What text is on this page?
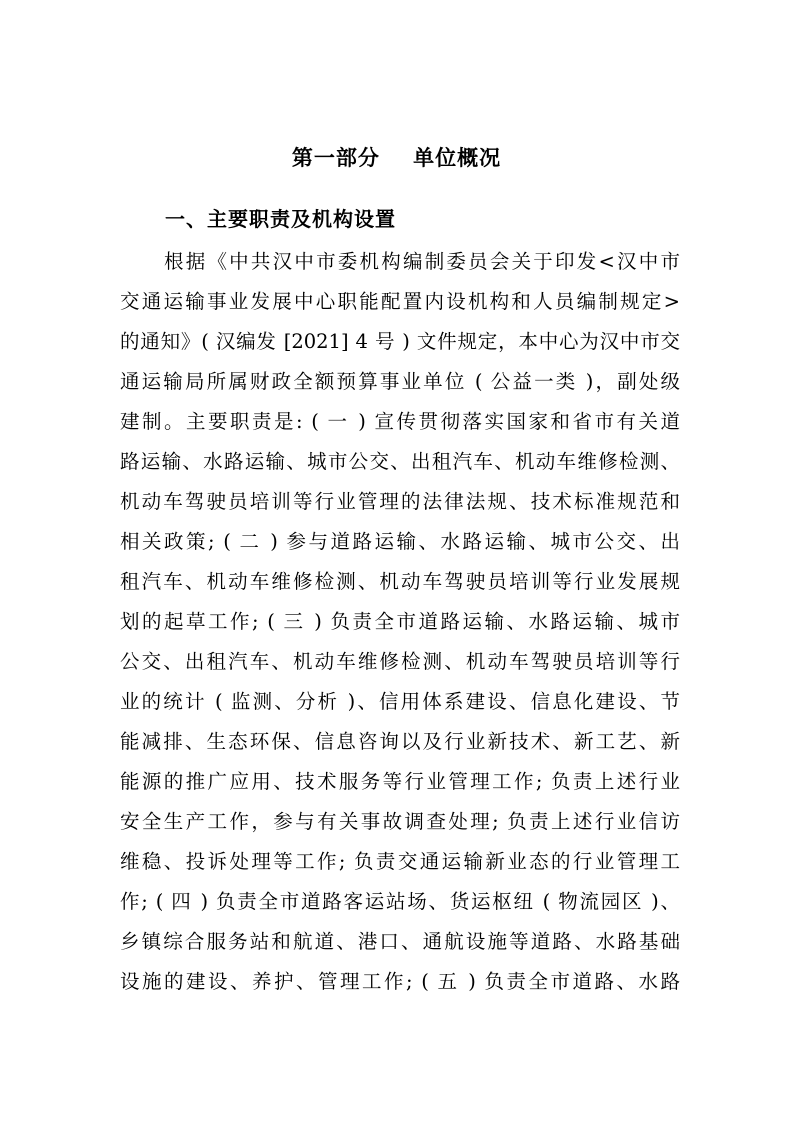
第一部分    单位概况
一、主要职责及机构设置
根据《中共汉中市委机构编制委员会关于印发<汉中市
交通运输事业发展中心职能配置内设机构和人员编制规定>
的通知》( 汉编发 [2021] 4 号 ) 文件规定，本中心为汉中市交
通运输局所属财政全额预算事业单位 ( 公益一类 )，副处级
建制。主要职责是: ( 一 ) 宣传贯彻落实国家和省市有关道
路运输、水路运输、城市公交、出租汽车、机动车维修检测、
机动车驾驶员培训等行业管理的法律法规、技术标准规范和
相关政策; ( 二 ) 参与道路运输、水路运输、城市公交、出
租汽车、机动车维修检测、机动车驾驶员培训等行业发展规
划的起草工作; ( 三 ) 负责全市道路运输、水路运输、城市
公交、出租汽车、机动车维修检测、机动车驾驶员培训等行
业的统计 ( 监测、分析 )、信用体系建设、信息化建设、节
能减排、生态环保、信息咨询以及行业新技术、新工艺、新
能源的推广应用、技术服务等行业管理工作; 负责上述行业
安全生产工作，参与有关事故调查处理; 负责上述行业信访
维稳、投诉处理等工作; 负责交通运输新业态的行业管理工
作; ( 四 ) 负责全市道路客运站场、货运枢纽 ( 物流园区 )、
乡镇综合服务站和航道、港口、通航设施等道路、水路基础
设施的建设、养护、管理工作; ( 五 ) 负责全市道路、水路
